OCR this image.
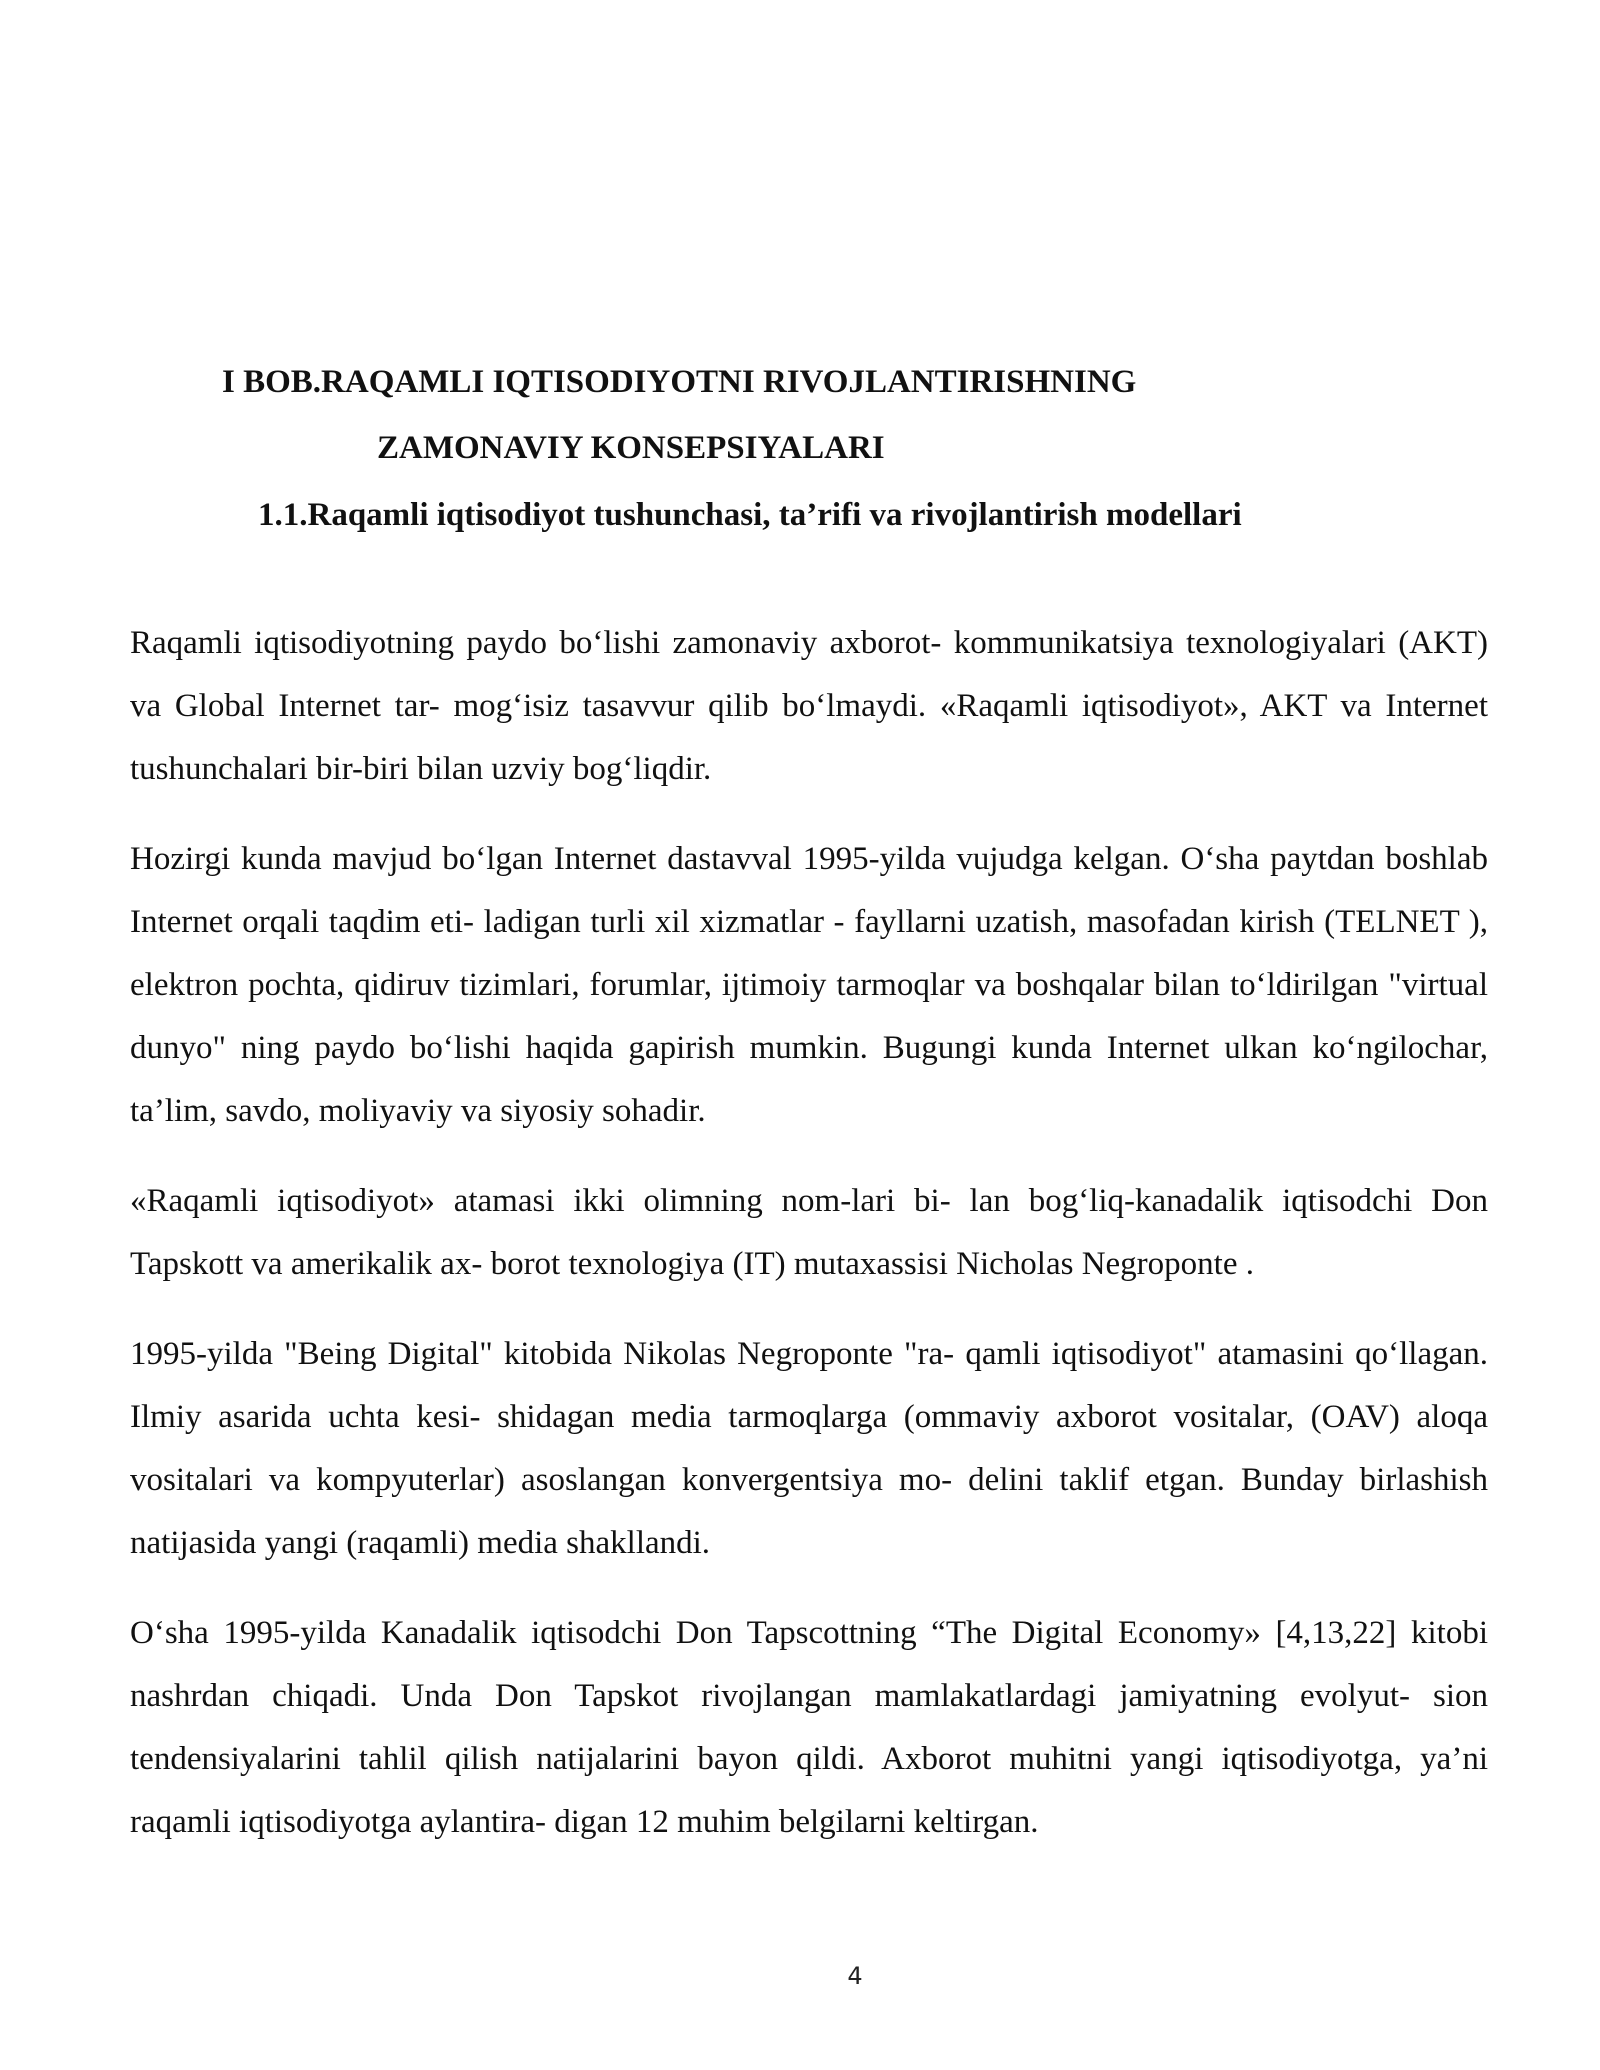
I BOB.RAQAMLI IQTISODIYOTNI RIVOJLANTIRISHNING
ZAMONAVIY KONSEPSIYALARI
1.1.Raqamli iqtisodiyot tushunchasi, ta’rifi va rivojlantirish modellari

Raqamli iqtisodiyotning paydo bo‘lishi zamonaviy axborot- kommunikatsiya texnologiyalari (AKT) va Global Internet tar- mog‘isiz tasavvur qilib bo‘lmaydi. «Raqamli iqtisodiyot», AKT va Internet tushunchalari bir-biri bilan uzviy bog‘liqdir.

Hozirgi kunda mavjud bo‘lgan Internet dastavval 1995-yilda vujudga kelgan. O‘sha paytdan boshlab Internet orqali taqdim eti- ladigan turli xil xizmatlar - fayllarni uzatish, masofadan kirish (TELNET ), elektron pochta, qidiruv tizimlari, forumlar, ijtimoiy tarmoqlar va boshqalar bilan to‘ldirilgan "virtual dunyo" ning paydo bo‘lishi haqida gapirish mumkin. Bugungi kunda Internet ulkan ko‘ngilochar, ta’lim, savdo, moliyaviy va siyosiy sohadir.

«Raqamli iqtisodiyot» atamasi ikki olimning nom-lari bi- lan bog‘liq-kanadalik iqtisodchi Don Tapskott va amerikalik ax- borot texnologiya (IT) mutaxassisi Nicholas Negroponte .

1995-yilda "Being Digital" kitobida Nikolas Negroponte "ra- qamli iqtisodiyot" atamasini qo‘llagan. Ilmiy asarida uchta kesi- shidagan media tarmoqlarga (ommaviy axborot vositalar, (OAV) aloqa vositalari va kompyuterlar) asoslangan konvergentsiya mo- delini taklif etgan. Bunday birlashish natijasida yangi (raqamli) media shakllandi.

O‘sha 1995-yilda Kanadalik iqtisodchi Don Tapscottning “The Digital Economy» [4,13,22] kitobi nashrdan chiqadi. Unda Don Tapskot rivojlangan mamlakatlardagi jamiyatning evolyut- sion tendensiyalarini tahlil qilish natijalarini bayon qildi. Axborot muhitni yangi iqtisodiyotga, ya’ni raqamli iqtisodiyotga aylantira- digan 12 muhim belgilarni keltirgan.

4
